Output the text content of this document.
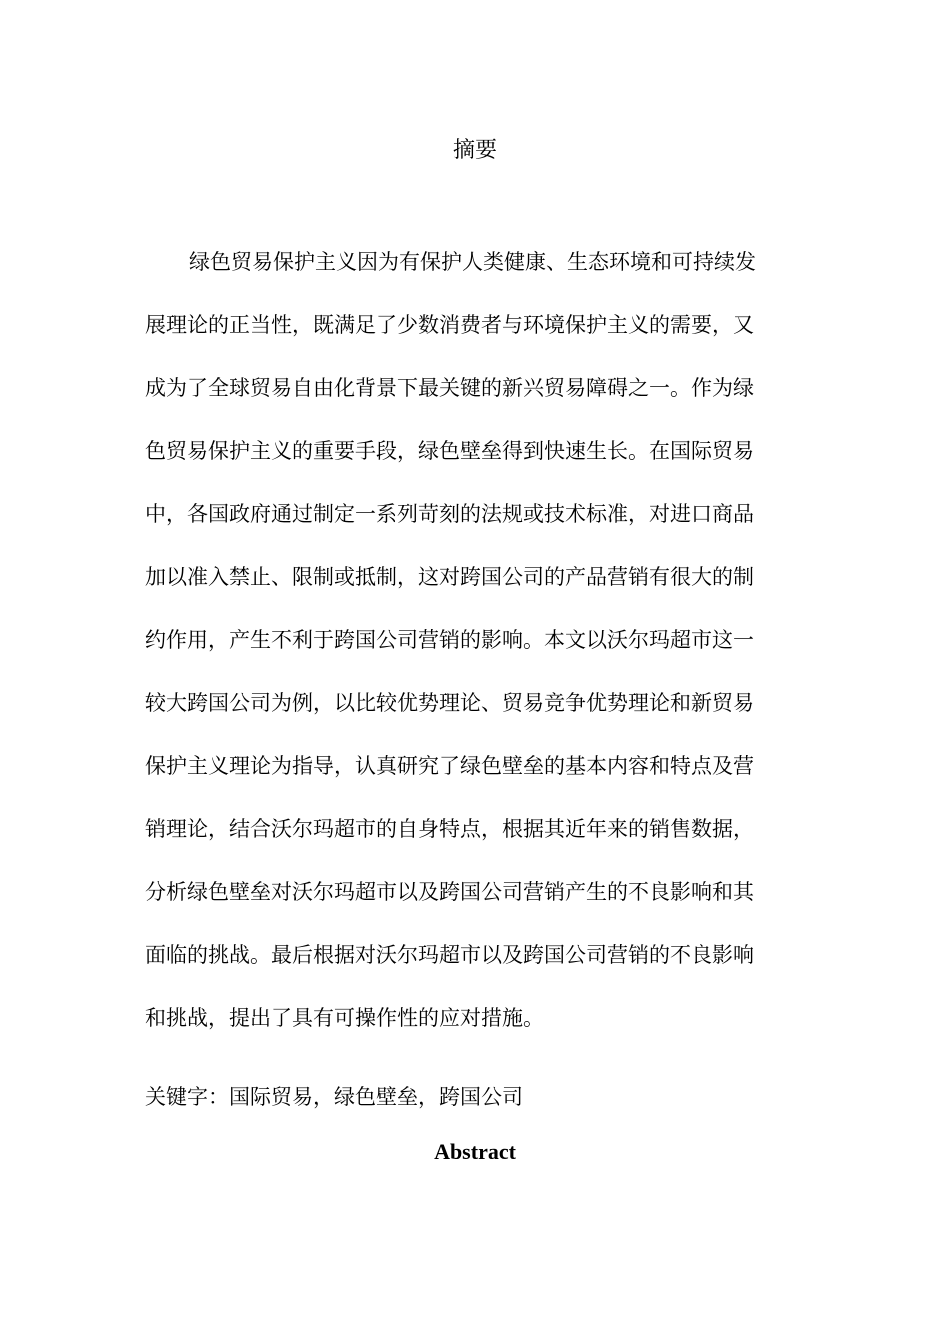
摘要
绿色贸易保护主义因为有保护人类健康、生态环境和可持续发
展理论的正当性，既满足了少数消费者与环境保护主义的需要，又
成为了全球贸易自由化背景下最关键的新兴贸易障碍之一。作为绿
色贸易保护主义的重要手段，绿色壁垒得到快速生长。在国际贸易
中，各国政府通过制定一系列苛刻的法规或技术标准，对进口商品
加以准入禁止、限制或抵制，这对跨国公司的产品营销有很大的制
约作用，产生不利于跨国公司营销的影响。本文以沃尔玛超市这一
较大跨国公司为例，以比较优势理论、贸易竞争优势理论和新贸易
保护主义理论为指导，认真研究了绿色壁垒的基本内容和特点及营
销理论，结合沃尔玛超市的自身特点，根据其近年来的销售数据，
分析绿色壁垒对沃尔玛超市以及跨国公司营销产生的不良影响和其
面临的挑战。最后根据对沃尔玛超市以及跨国公司营销的不良影响
和挑战，提出了具有可操作性的应对措施。
关键字：国际贸易，绿色壁垒，跨国公司
Abstract
